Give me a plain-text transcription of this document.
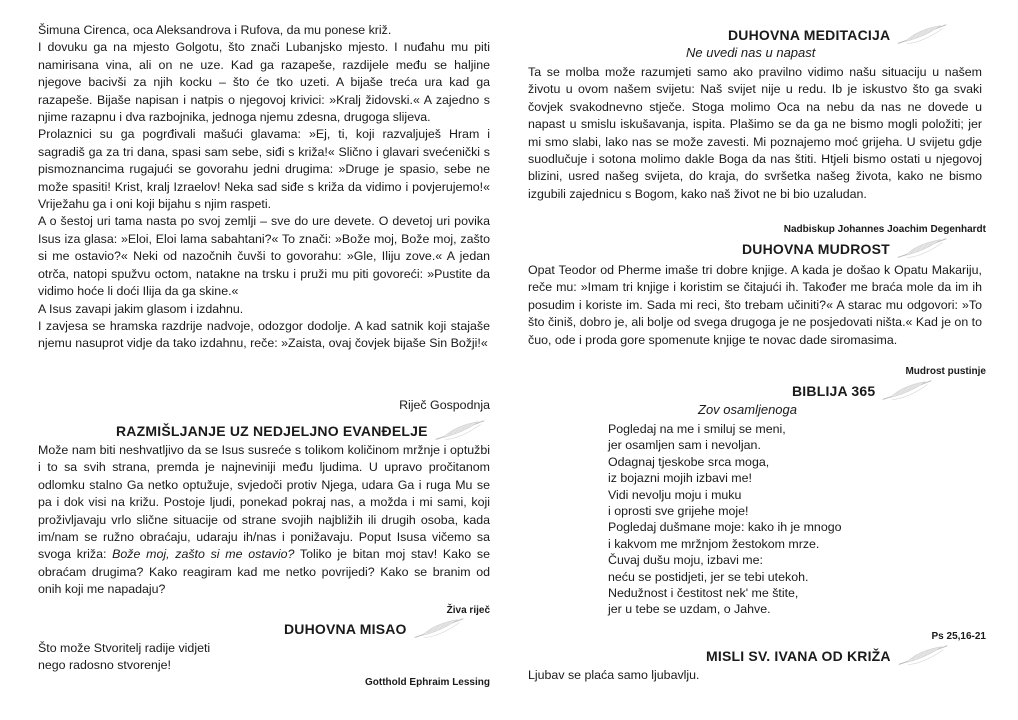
Šimuna Cirenca, oca Aleksandrova i Rufova, da mu ponese križ.

I dovuku ga na mjesto Golgotu, što znači Lubanjsko mjesto. I nuđahu mu piti namirisana vina, ali on ne uze. Kad ga razapeše, razdijele među se haljine njegove bacivši za njih kocku – što će tko uzeti. A bijaše treća ura kad ga razapeše. Bijaše napisan i natpis o njegovoj krivici: »Kralj židovski.« A zajedno s njime razapnu i dva razbojnika, jednoga njemu zdesna, drugoga slijeva.

Prolaznici su ga pogrđivali mašući glavama: »Ej, ti, koji razvaljuješ Hram i sagradiš ga za tri dana, spasi sam sebe, siđi s križa!« Slično i glavari svećenički s pismoznancima rugajući se govorahu jedni drugima: »Druge je spasio, sebe ne može spasiti! Krist, kralj Izraelov! Neka sad siđe s križa da vidimo i povjerujemo!« Vriježahu ga i oni koji bijahu s njim raspeti.

A o šestoj uri tama nasta po svoj zemlji – sve do ure devete. O devetoj uri povika Isus iza glasa: »Eloi, Eloi lama sabahtani?« To znači: »Bože moj, Bože moj, zašto si me ostavio?« Neki od nazočnih čuvši to govorahu: »Gle, Iliju zove.« A jedan otrča, natopi spužvu octom, natakne na trsku i pruži mu piti govoreći: »Pustite da vidimo hoće li doći Ilija da ga skine.«

A Isus zavapi jakim glasom i izdahnu.

I zavjesa se hramska razdrije nadvoje, odozgor dodolje. A kad satnik koji stajaše njemu nasuprot vidje da tako izdahnu, reče: »Zaista, ovaj čovjek bijaše Sin Božji!«

Riječ Gospodnja
RAZMIŠLJANJE UZ NEDJELJNO EVANĐELJE

Može nam biti neshvatljivo da se Isus susreće s tolikom količinom mržnje i optužbi i to sa svih strana, premda je najneviniji među ljudima. U upravo pročitanom odlomku stalno Ga netko optužuje, svjedoči protiv Njega, udara Ga i ruga Mu se pa i dok visi na križu. Postoje ljudi, ponekad pokraj nas, a možda i mi sami, koji proživljavaju vrlo slične situacije od strane svojih najbližih ili drugih osoba, kada im/nam se ružno obraćaju, udaraju ih/nas i ponižavaju. Poput Isusa vičemo sa svoga križa: Bože moj, zašto si me ostavio? Toliko je bitan moj stav! Kako se obraćam drugima? Kako reagiram kad me netko povrijedi? Kako se branim od onih koji me napadaju?

Živa riječ
DUHOVNA MISAO

Što može Stvoritelj radije vidjeti

nego radosno stvorenje!

Gotthold Ephraim Lessing
DUHOVNA MEDITACIJA
Ne uvedi nas u napast

Ta se molba može razumjeti samo ako pravilno vidimo našu situaciju u našem životu u ovom našem svijetu: Naš svijet nije u redu. Ib je iskustvo što ga svaki čovjek svakodnevno stječe. Stoga molimo Oca na nebu da nas ne dovede u napast u smislu iskušavanja, ispita. Plašimo se da ga ne bismo mogli položiti; jer mi smo slabi, lako nas se može zavesti. Mi poznajemo moć grijeha. U svijetu gdje suodlučuje i sotona molimo dakle Boga da nas štiti. Htjeli bismo ostati u njegovoj blizini, usred našeg svijeta, do kraja, do svršetka našeg života, kako ne bismo izgubili zajednicu s Bogom, kako naš život ne bi bio uzaludan.

Nadbiskup Johannes Joachim Degenhardt
DUHOVNA MUDROST

Opat Teodor od Pherme imaše tri dobre knjige. A kada je došao k Opatu Makariju, reče mu: »Imam tri knjige i koristim se čitajući ih. Također me braća mole da im ih posudim i koriste im. Sada mi reci, što trebam učiniti?« A starac mu odgovori: »To što činiš, dobro je, ali bolje od svega drugoga je ne posjedovati ništa.« Kad je on to čuo, ode i proda gore spomenute knjige te novac dade siromasima.

Mudrost pustinje
BIBLIJA 365
Zov osamljenoga
Pogledaj na me i smiluj se meni,
jer osamljen sam i nevoljan.
Odagnaj tjeskobe srca moga,
iz bojazni mojih izbavi me!
Vidi nevolju moju i muku
i oprosti sve grijehe moje!
Pogledaj dušmane moje: kako ih je mnogo
i kakvom me mržnjom žestokom mrze.
Čuvaj dušu moju, izbavi me:
neću se postidjeti, jer se tebi utekoh.
Nedužnost i čestitost nek' me štite,
jer u tebe se uzdam, o Jahve.
Ps 25,16-21
MISLI SV. IVANA OD KRIŽA

Ljubav se plaća samo ljubavlju.
